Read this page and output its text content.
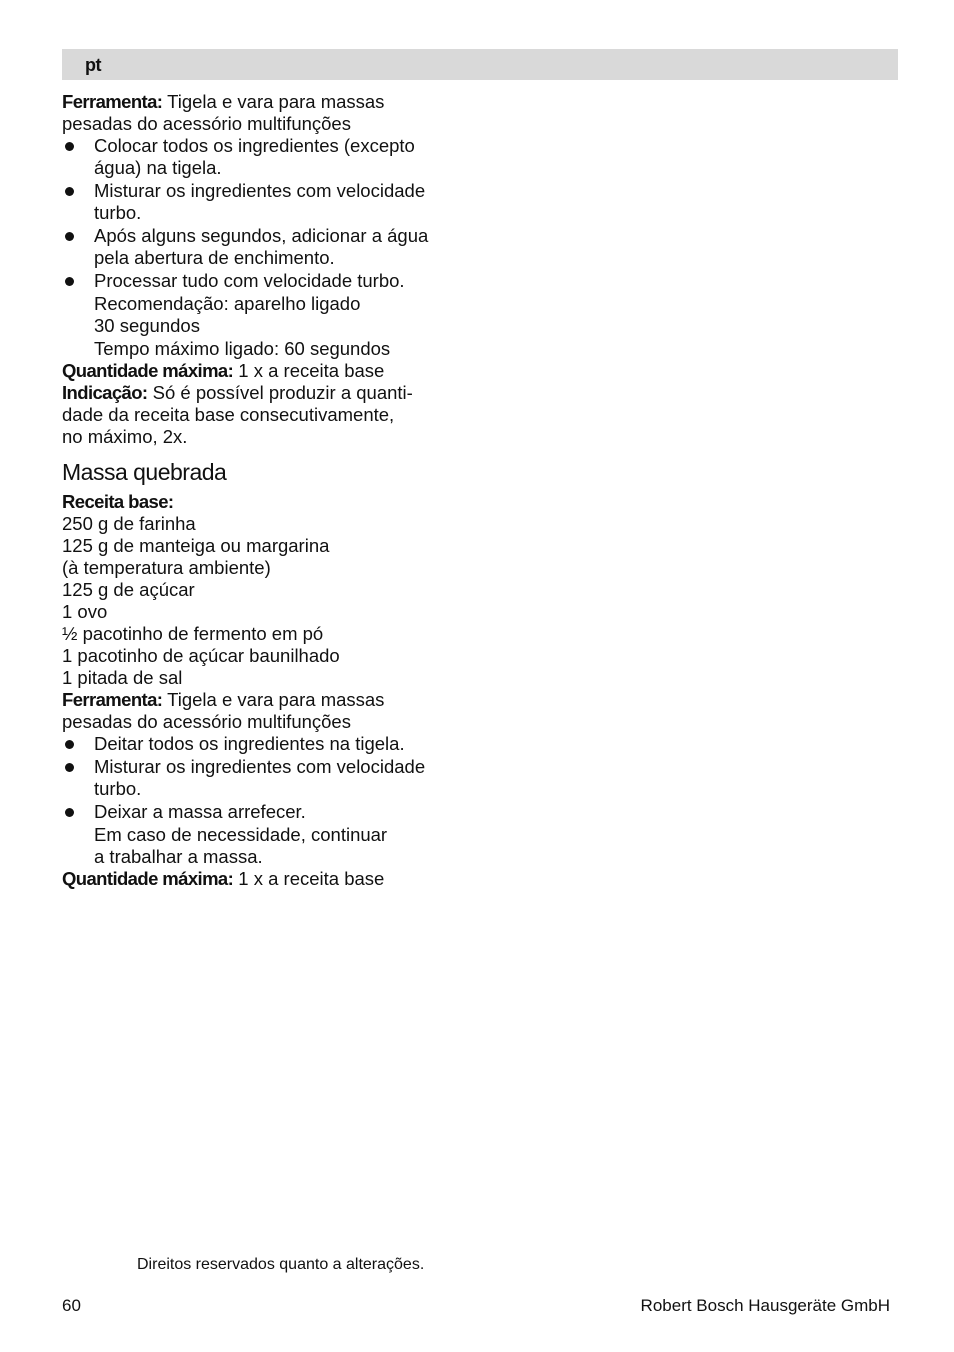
pt

Ferramenta: Tigela e vara para massas
pesadas do acessório multifunções

Colocar todos os ingredientes (excepto
água) na tigela.
Misturar os ingredientes com velocidade
turbo.
Após alguns segundos, adicionar a água
pela abertura de enchimento.
Processar tudo com velocidade turbo.

Recomendação: aparelho ligado
30 segundos

Tempo máximo ligado: 60 segundos

Quantidade máxima: 1 x a receita base

Indicação: Só é possível produzir a quanti-
dade da receita base consecutivamente,
no máximo, 2x.

Massa quebrada

Receita base:
250 g de farinha
125 g de manteiga ou margarina
(à temperatura ambiente)
125 g de açúcar
1 ovo
½ pacotinho de fermento em pó
1 pacotinho de açúcar baunilhado
1 pitada de sal

Ferramenta: Tigela e vara para massas
pesadas do acessório multifunções

Deitar todos os ingredientes na tigela.
Misturar os ingredientes com velocidade
turbo.
Deixar a massa arrefecer.

Em caso de necessidade, continuar
a trabalhar a massa.

Quantidade máxima: 1 x a receita base

Direitos reservados quanto a alterações.
60	Robert Bosch Hausgeräte GmbH
